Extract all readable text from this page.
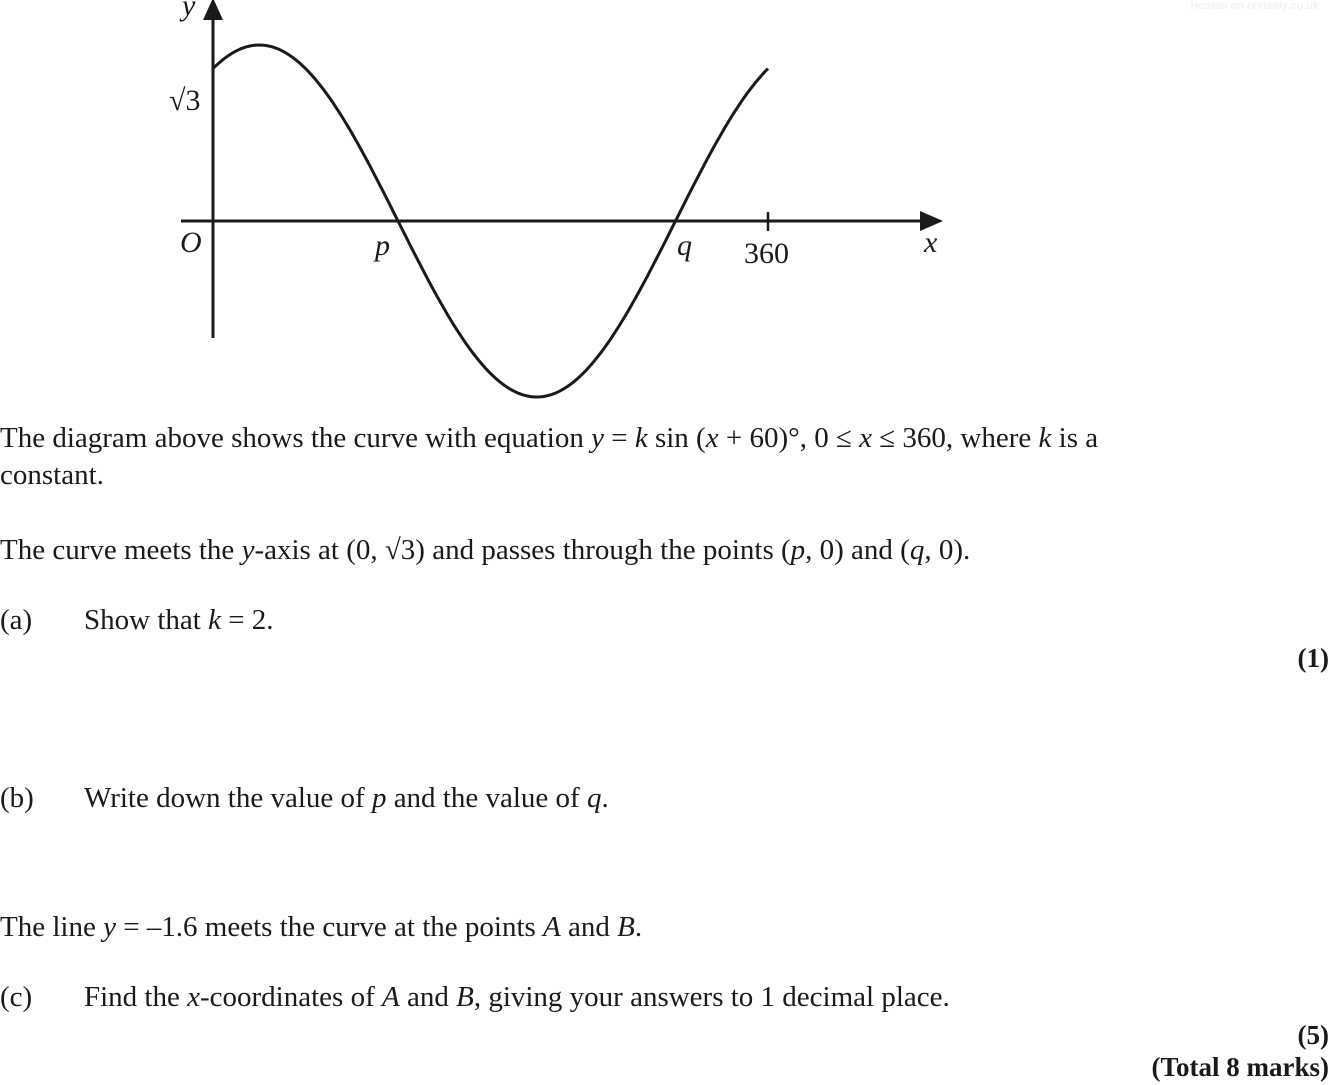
Hosted on revisely.co.uk
y
x
O
√3
p	q 360
The diagram above shows the curve with equation y = k sin (x + 60)°, 0 ≤ x ≤ 360, where k is a
constant.
The curve meets the y-axis at (0, √3) and passes through the points (p, 0) and (q, 0).
(a) Show that k = 2.
(1)
(b) Write down the value of p and the value of q.
The line y = –1.6 meets the curve at the points A and B.
(c) Find the x-coordinates of A and B, giving your answers to 1 decimal place.
(5)
(Total 8 marks)
